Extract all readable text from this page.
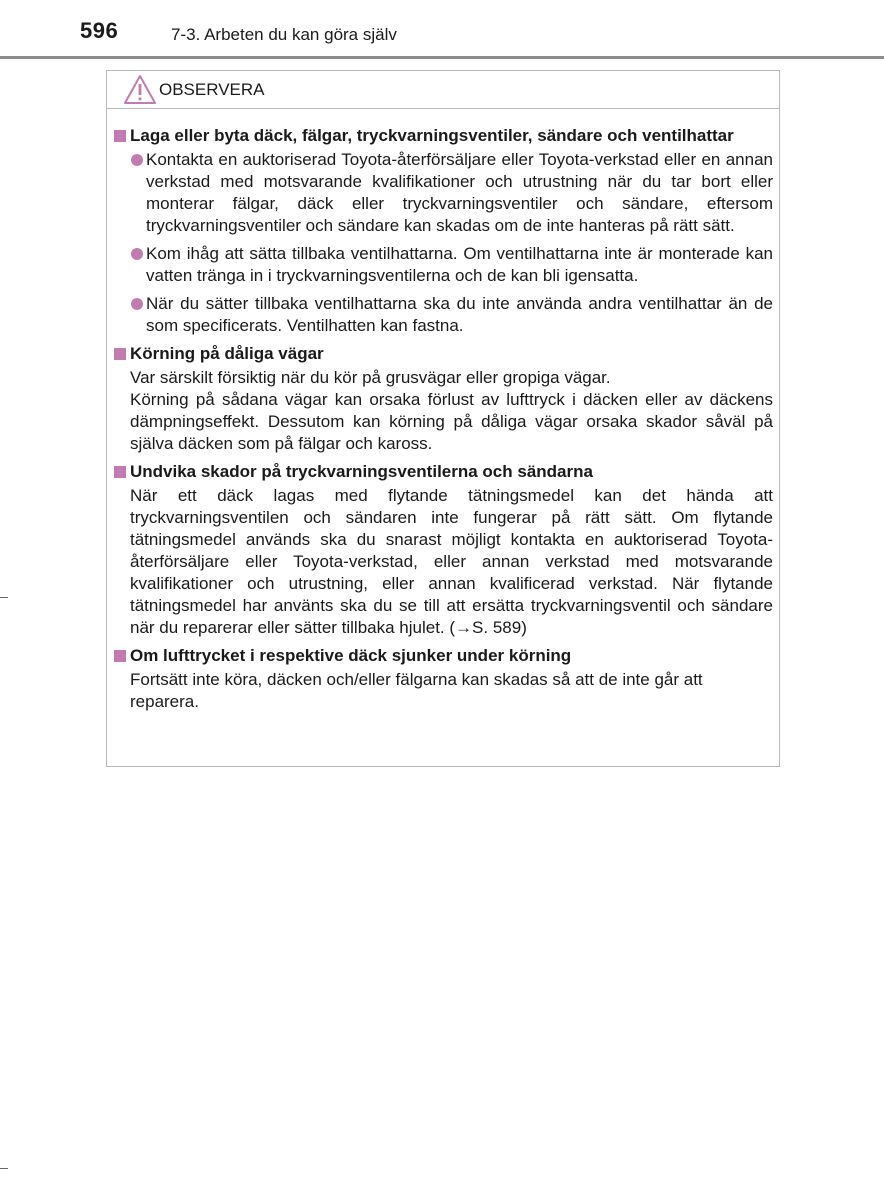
596	7-3. Arbeten du kan göra själv
OBSERVERA
Laga eller byta däck, fälgar, tryckvarningsventiler, sändare och ventilhattar
Kontakta en auktoriserad Toyota-återförsäljare eller Toyota-verkstad eller en annan verkstad med motsvarande kvalifikationer och utrustning när du tar bort eller monterar fälgar, däck eller tryckvarningsventiler och sändare, eftersom tryckvarningsventiler och sändare kan skadas om de inte hanteras på rätt sätt.
Kom ihåg att sätta tillbaka ventilhattarna. Om ventilhattarna inte är monterade kan vatten tränga in i tryckvarningsventilerna och de kan bli igensatta.
När du sätter tillbaka ventilhattarna ska du inte använda andra ventilhattar än de som specificerats. Ventilhatten kan fastna.
Körning på dåliga vägar
Var särskilt försiktig när du kör på grusvägar eller gropiga vägar.
Körning på sådana vägar kan orsaka förlust av lufttryck i däcken eller av däckens dämpningseffekt. Dessutom kan körning på dåliga vägar orsaka skador såväl på själva däcken som på fälgar och kaross.
Undvika skador på tryckvarningsventilerna och sändarna
När ett däck lagas med flytande tätningsmedel kan det hända att tryckvarningsventilen och sändaren inte fungerar på rätt sätt. Om flytande tätningsmedel används ska du snarast möjligt kontakta en auktoriserad Toyota-återförsäljare eller Toyota-verkstad, eller annan verkstad med motsvarande kvalifikationer och utrustning, eller annan kvalificerad verkstad. När flytande tätningsmedel har använts ska du se till att ersätta tryckvarningsventil och sändare när du reparerar eller sätter tillbaka hjulet. (→S. 589)
Om lufttrycket i respektive däck sjunker under körning
Fortsätt inte köra, däcken och/eller fälgarna kan skadas så att de inte går att reparera.
